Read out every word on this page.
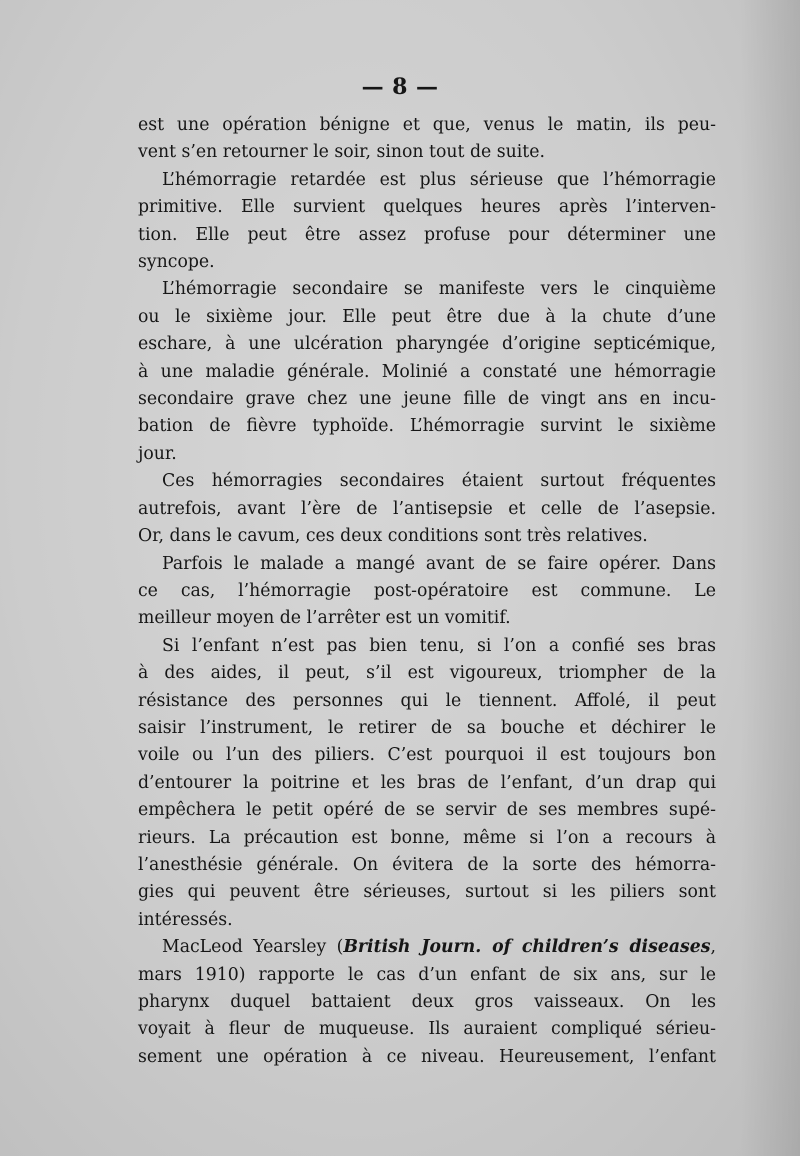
— 8 —
est une opération bénigne et que, venus le matin, ils peu-
vent s’en retourner le soir, sinon tout de suite.
L’hémorragie retardée est plus sérieuse que l’hémorragie
primitive. Elle survient quelques heures après l’interven-
tion. Elle peut être assez profuse pour déterminer une
syncope.
L’hémorragie secondaire se manifeste vers le cinquième
ou le sixième jour. Elle peut être due à la chute d’une
eschare, à une ulcération pharyngée d’origine septicémique,
à une maladie générale. Molinié a constaté une hémorragie
secondaire grave chez une jeune fille de vingt ans en incu-
bation de fièvre typhoïde. L’hémorragie survint le sixième
jour.
Ces hémorragies secondaires étaient surtout fréquentes
autrefois, avant l’ère de l’antisepsie et celle de l’asepsie.
Or, dans le cavum, ces deux conditions sont très relatives.
Parfois le malade a mangé avant de se faire opérer. Dans
ce cas, l’hémorragie post-opératoire est commune. Le
meilleur moyen de l’arrêter est un vomitif.
Si l’enfant n’est pas bien tenu, si l’on a confié ses bras
à des aides, il peut, s’il est vigoureux, triompher de la
résistance des personnes qui le tiennent. Affolé, il peut
saisir l’instrument, le retirer de sa bouche et déchirer le
voile ou l’un des piliers. C’est pourquoi il est toujours bon
d’entourer la poitrine et les bras de l’enfant, d’un drap qui
empêchera le petit opéré de se servir de ses membres supé-
rieurs. La précaution est bonne, même si l’on a recours à
l’anesthésie générale. On évitera de la sorte des hémorra-
gies qui peuvent être sérieuses, surtout si les piliers sont
intéressés.
MacLeod Yearsley (British Journ. of children’s diseases,
mars 1910) rapporte le cas d’un enfant de six ans, sur le
pharynx duquel battaient deux gros vaisseaux. On les
voyait à fleur de muqueuse. Ils auraient compliqué sérieu-
sement une opération à ce niveau. Heureusement, l’enfant
